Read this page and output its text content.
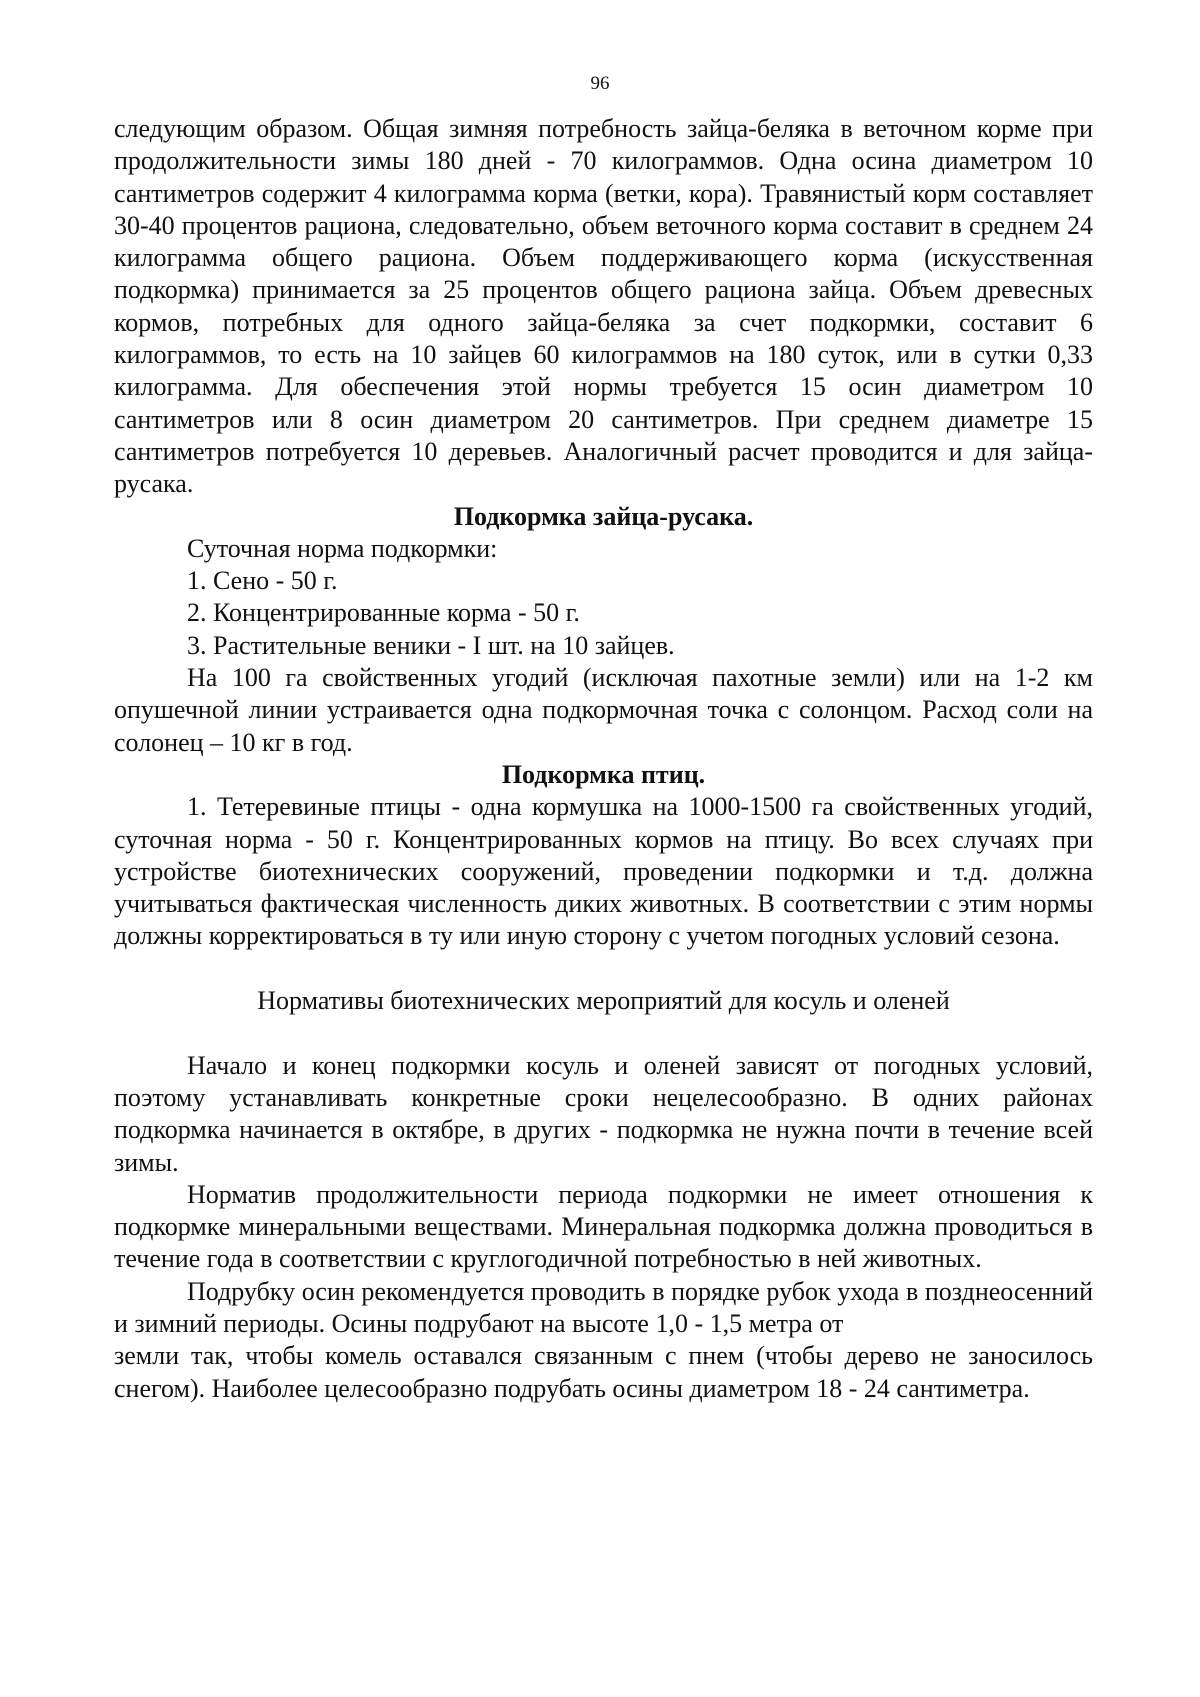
96

следующим образом. Общая зимняя потребность зайца-беляка в веточном корме при продолжительности зимы 180 дней - 70 килограммов. Одна осина диаметром 10 сантиметров содержит 4 килограмма корма (ветки, кора). Травянистый корм составляет 30-40 процентов рациона, следовательно, объем веточного корма составит в среднем 24 килограмма общего рациона. Объем поддерживающего корма (искусственная подкормка) принимается за 25 процентов общего рациона зайца. Объем древесных кормов, потребных для одного зайца-беляка за счет подкормки, составит 6 килограммов, то есть на 10 зайцев 60 килограммов на 180 суток, или в сутки 0,33 килограмма. Для обеспечения этой нормы требуется 15 осин диаметром 10 сантиметров или 8 осин диаметром 20 сантиметров. При среднем диаметре 15 сантиметров потребуется 10 деревьев. Аналогичный расчет проводится и для зайца-русака.

Подкормка зайца-русака.

Суточная норма подкормки:

1. Сено - 50 г.

2. Концентрированные корма - 50 г.

3. Растительные веники - I шт. на 10 зайцев.

На 100 га свойственных угодий (исключая пахотные земли) или на 1-2 км опушечной линии устраивается одна подкормочная точка с солонцом. Расход соли на солонец – 10 кг в год.

Подкормка птиц.

1. Тетеревиные птицы - одна кормушка на 1000-1500 га свойственных угодий, суточная норма - 50 г. Концентрированных кормов на птицу. Во всех случаях при устройстве биотехнических сооружений, проведении подкормки и т.д. должна учитываться фактическая численность диких животных. В соответствии с этим нормы должны корректироваться в ту или иную сторону с учетом погодных условий сезона.

Нормативы биотехнических мероприятий для косуль и оленей

Начало и конец подкормки косуль и оленей зависят от погодных условий, поэтому устанавливать конкретные сроки нецелесообразно. В одних районах подкормка начинается в октябре, в других - подкормка не нужна почти в течение всей зимы.

Норматив продолжительности периода подкормки не имеет отношения к подкормке минеральными веществами. Минеральная подкормка должна проводиться в течение года в соответствии с круглогодичной потребностью в ней животных.

Подрубку осин рекомендуется проводить в порядке рубок ухода в позднеосенний и зимний периоды. Осины подрубают на высоте 1,0 - 1,5 метра от

земли так, чтобы комель оставался связанным с пнем (чтобы дерево не заносилось снегом). Наиболее целесообразно подрубать осины диаметром 18 - 24 сантиметра.
